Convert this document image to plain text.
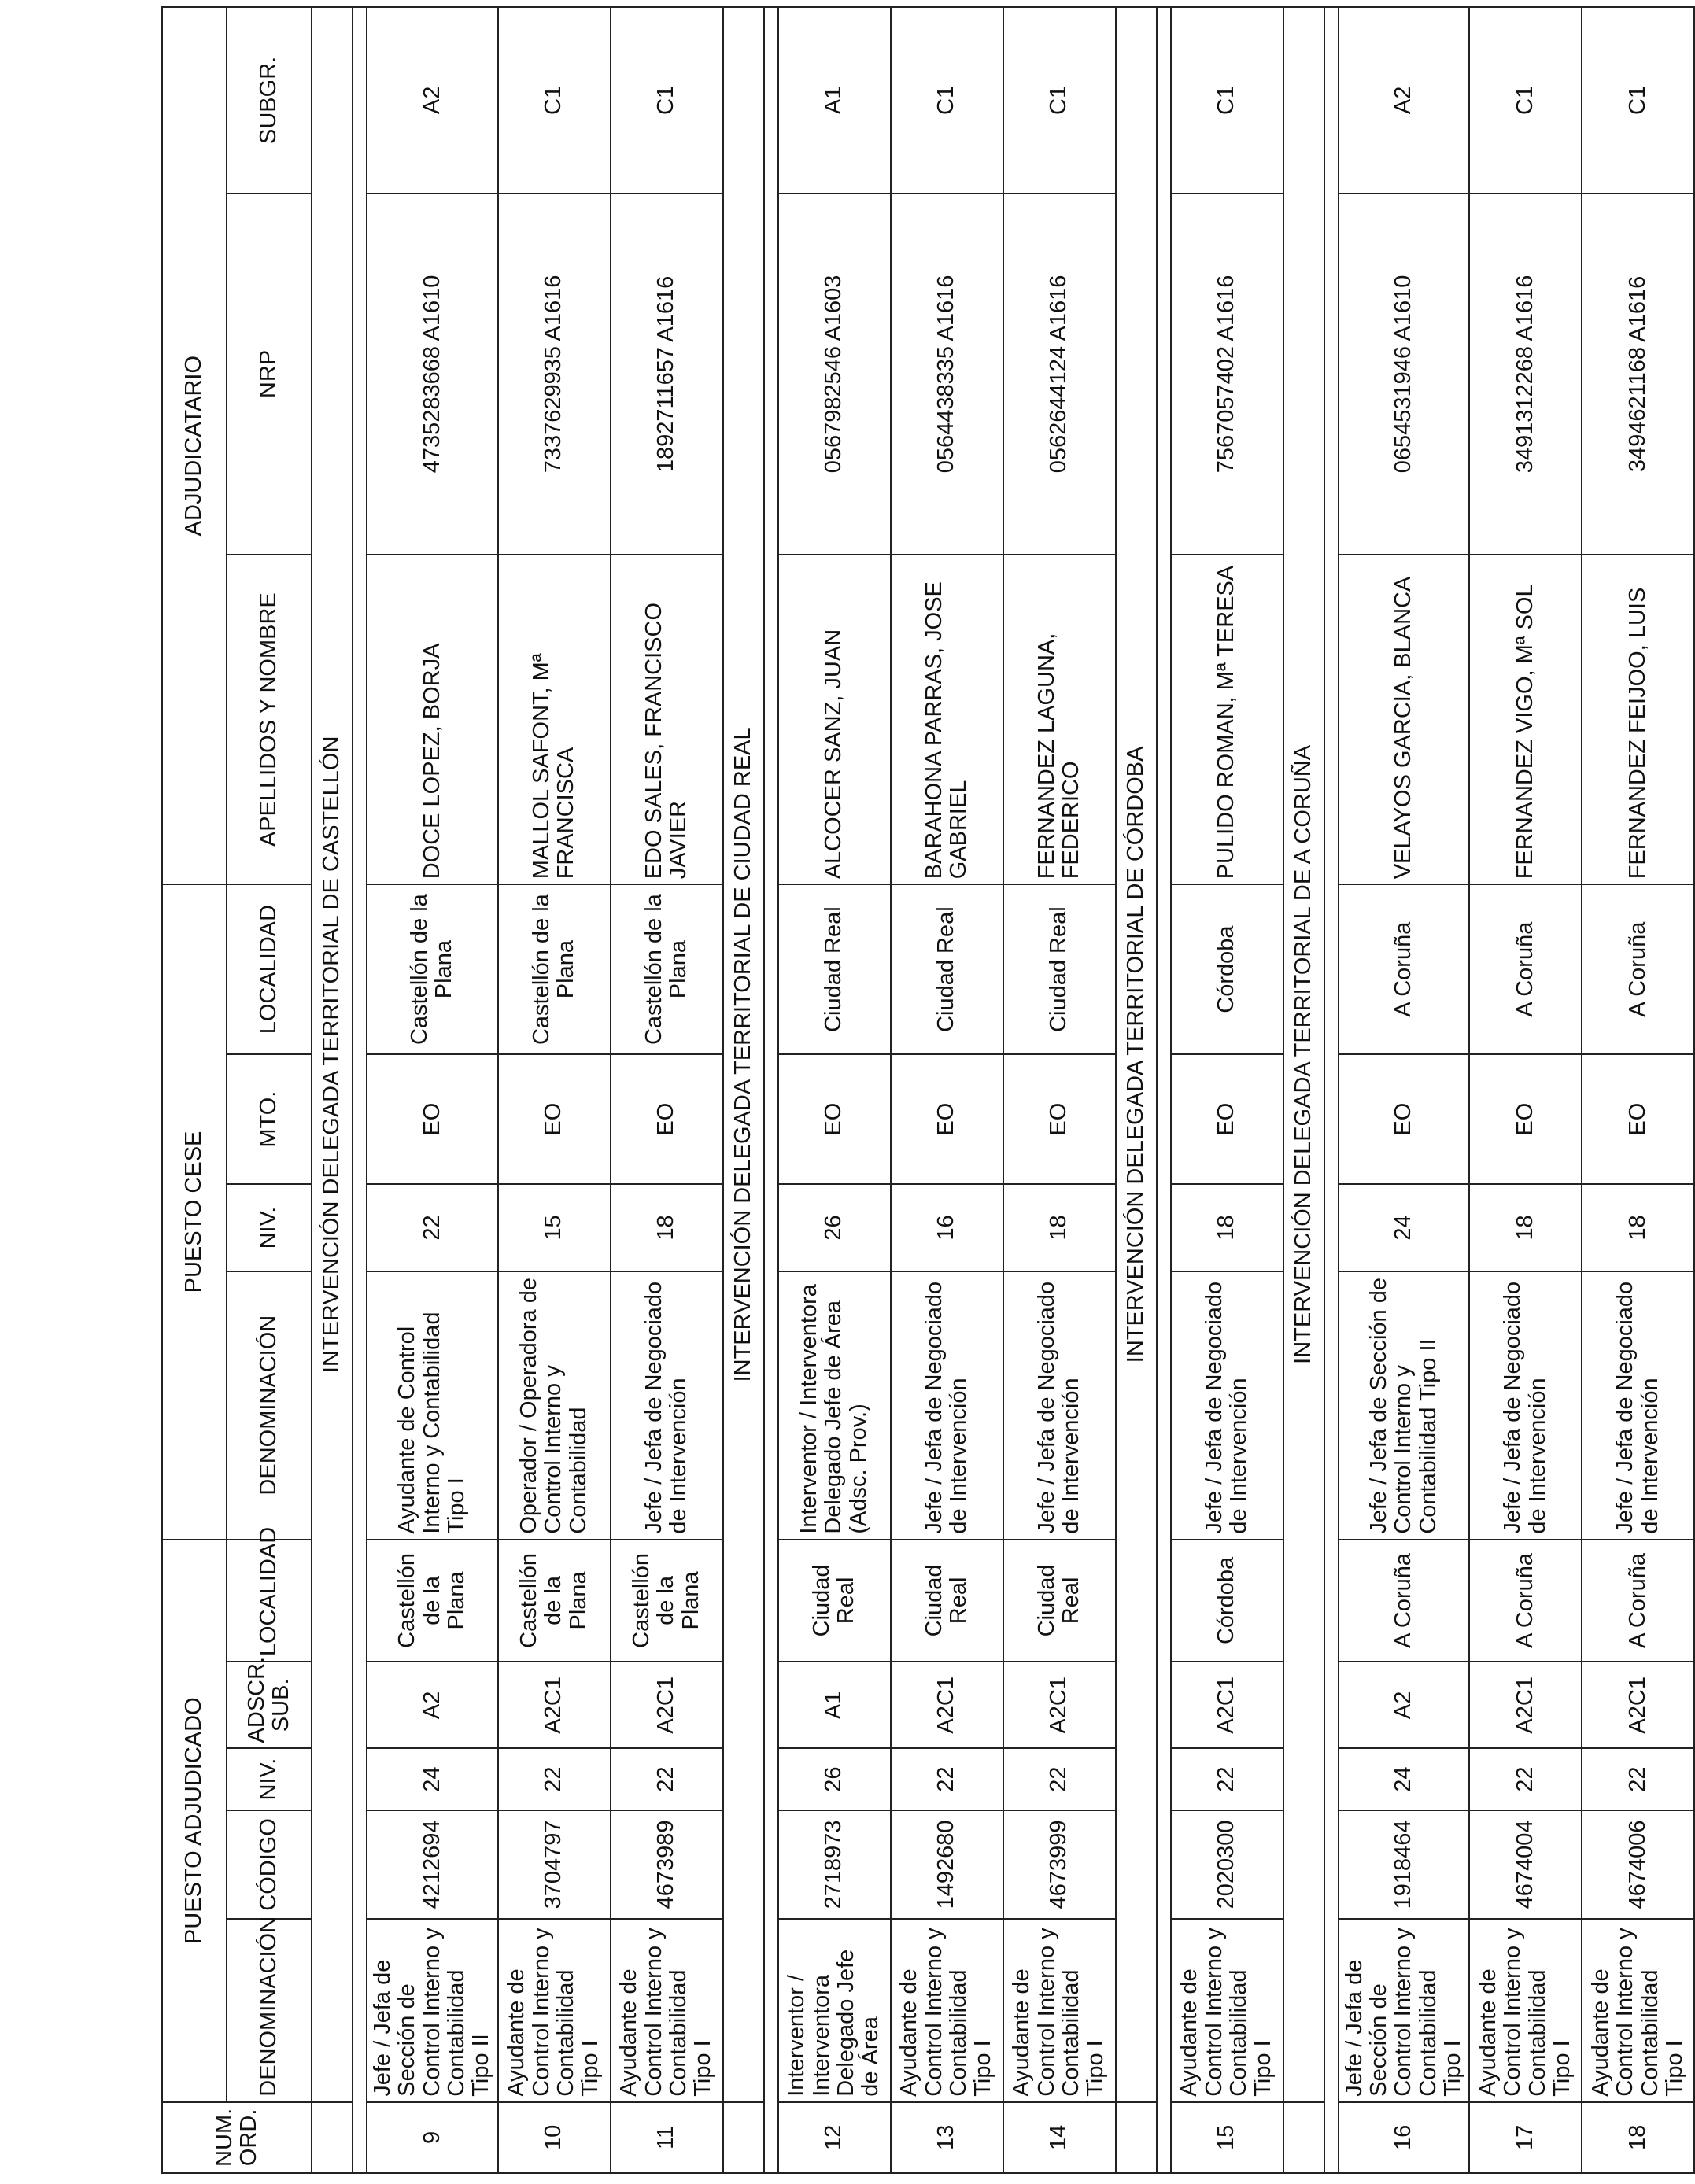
NUM. ORD.	PUESTO ADJUDICADO					PUESTO CESE				ADJUDICATARIO		
	DENOMINACIÓN	CÓDIGO	NIV.	ADSCR. SUB.	LOCALIDAD	DENOMINACIÓN	NIV.	MTO.	LOCALIDAD	APELLIDOS Y NOMBRE	NRP	SUBGR.
	INTERVENCIÓN DELEGADA TERRITORIAL DE CASTELLÓN											

9	Jefe / Jefa de Sección de Control Interno y Contabilidad Tipo II	4212694	24	A2	Castellón de la Plana	Ayudante de Control Interno y Contabilidad Tipo I	22	EO	Castellón de la Plana	DOCE LOPEZ, BORJA	4735283668 A1610	A2
10	Ayudante de Control Interno y Contabilidad Tipo I	3704797	22	A2C1	Castellón de la Plana	Operador / Operadora de Control Interno y Contabilidad	15	EO	Castellón de la Plana	MALLOL SAFONT, Mª FRANCISCA	7337629935 A1616	C1
11	Ayudante de Control Interno y Contabilidad Tipo I	4673989	22	A2C1	Castellón de la Plana	Jefe / Jefa de Negociado de Intervención	18	EO	Castellón de la Plana	EDO SALES, FRANCISCO JAVIER	1892711657 A1616	C1
	INTERVENCIÓN DELEGADA TERRITORIAL DE CIUDAD REAL											

12	Interventor / Interventora Delegado Jefe de Área	2718973	26	A1	Ciudad Real	Interventor / Interventora Delegado Jefe de Área (Adsc. Prov.)	26	EO	Ciudad Real	ALCOCER SANZ, JUAN	0567982546 A1603	A1
13	Ayudante de Control Interno y Contabilidad Tipo I	1492680	22	A2C1	Ciudad Real	Jefe / Jefa de Negociado de Intervención	16	EO	Ciudad Real	BARAHONA PARRAS, JOSE GABRIEL	0564438335 A1616	C1
14	Ayudante de Control Interno y Contabilidad Tipo I	4673999	22	A2C1	Ciudad Real	Jefe / Jefa de Negociado de Intervención	18	EO	Ciudad Real	FERNANDEZ LAGUNA, FEDERICO	0562644124 A1616	C1
	INTERVENCIÓN DELEGADA TERRITORIAL DE CÓRDOBA											

15	Ayudante de Control Interno y Contabilidad Tipo I	2020300	22	A2C1	Córdoba	Jefe / Jefa de Negociado de Intervención	18	EO	Córdoba	PULIDO ROMAN, Mª TERESA	7567057402 A1616	C1
	INTERVENCIÓN DELEGADA TERRITORIAL DE A CORUÑA											

16	Jefe / Jefa de Sección de Control Interno y Contabilidad Tipo I	1918464	24	A2	A Coruña	Jefe / Jefa de Sección de Control Interno y Contabilidad Tipo II	24	EO	A Coruña	VELAYOS GARCIA, BLANCA	0654531946 A1610	A2
17	Ayudante de Control Interno y Contabilidad Tipo I	4674004	22	A2C1	A Coruña	Jefe / Jefa de Negociado de Intervención	18	EO	A Coruña	FERNANDEZ VIGO, Mª SOL	3491312268 A1616	C1
18	Ayudante de Control Interno y Contabilidad Tipo I	4674006	22	A2C1	A Coruña	Jefe / Jefa de Negociado de Intervención	18	EO	A Coruña	FERNANDEZ FEIJOO, LUIS	3494621168 A1616	C1
